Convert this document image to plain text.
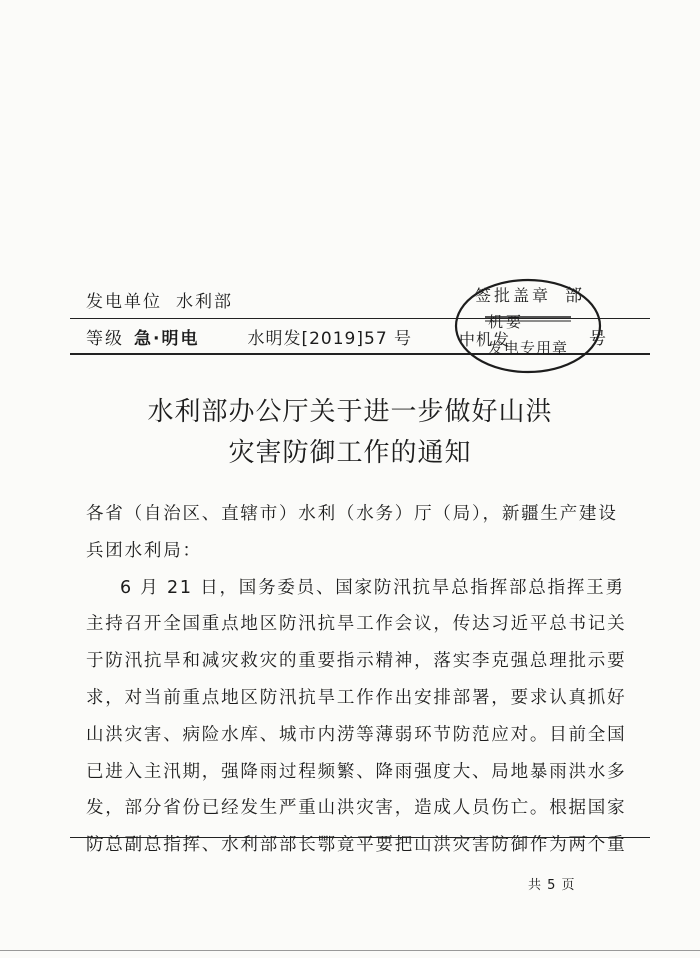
发电单位 水利部
等级 急·明电	水明发[2019]57 号
签批盖章 部
机要
中机发
发电专用章 号
水利部办公厅关于进一步做好山洪
灾害防御工作的通知
各省（自治区、直辖市）水利（水务）厅（局），新疆生产建设
兵团水利局：
6 月 21 日，国务委员、国家防汛抗旱总指挥部总指挥王勇
主持召开全国重点地区防汛抗旱工作会议，传达习近平总书记关
于防汛抗旱和减灾救灾的重要指示精神，落实李克强总理批示要
求，对当前重点地区防汛抗旱工作作出安排部署，要求认真抓好
山洪灾害、病险水库、城市内涝等薄弱环节防范应对。目前全国
已进入主汛期，强降雨过程频繁、降雨强度大、局地暴雨洪水多
发，部分省份已经发生严重山洪灾害，造成人员伤亡。根据国家
防总副总指挥、水利部部长鄂竟平要把山洪灾害防御作为两个重
共 5 页
